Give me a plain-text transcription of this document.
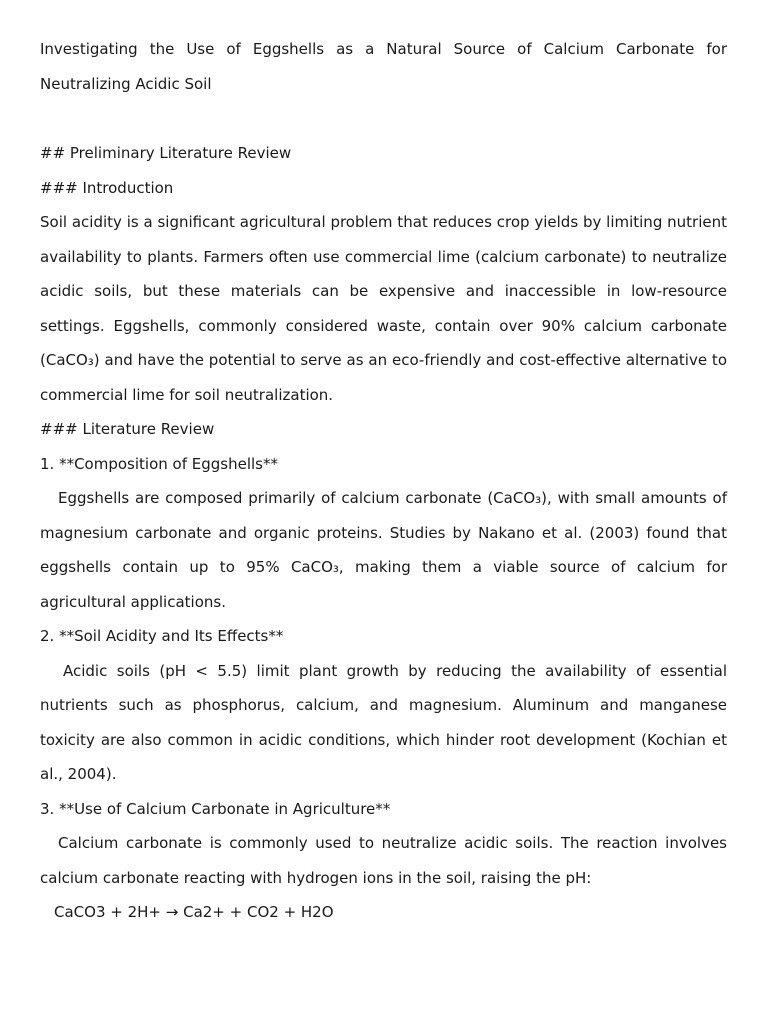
Investigating the Use of Eggshells as a Natural Source of Calcium Carbonate for Neutralizing Acidic Soil

## Preliminary Literature Review

### Introduction

Soil acidity is a significant agricultural problem that reduces crop yields by limiting nutrient availability to plants. Farmers often use commercial lime (calcium carbonate) to neutralize acidic soils, but these materials can be expensive and inaccessible in low-resource settings. Eggshells, commonly considered waste, contain over 90% calcium carbonate (CaCO₃) and have the potential to serve as an eco-friendly and cost-effective alternative to commercial lime for soil neutralization.

### Literature Review

1. **Composition of Eggshells**

Eggshells are composed primarily of calcium carbonate (CaCO₃), with small amounts of magnesium carbonate and organic proteins. Studies by Nakano et al. (2003) found that eggshells contain up to 95% CaCO₃, making them a viable source of calcium for agricultural applications.

2. **Soil Acidity and Its Effects**

Acidic soils (pH < 5.5) limit plant growth by reducing the availability of essential nutrients such as phosphorus, calcium, and magnesium. Aluminum and manganese toxicity are also common in acidic conditions, which hinder root development (Kochian et al., 2004).

3. **Use of Calcium Carbonate in Agriculture**

Calcium carbonate is commonly used to neutralize acidic soils. The reaction involves calcium carbonate reacting with hydrogen ions in the soil, raising the pH:

CaCO3 + 2H+ → Ca2+ + CO2 + H2O
